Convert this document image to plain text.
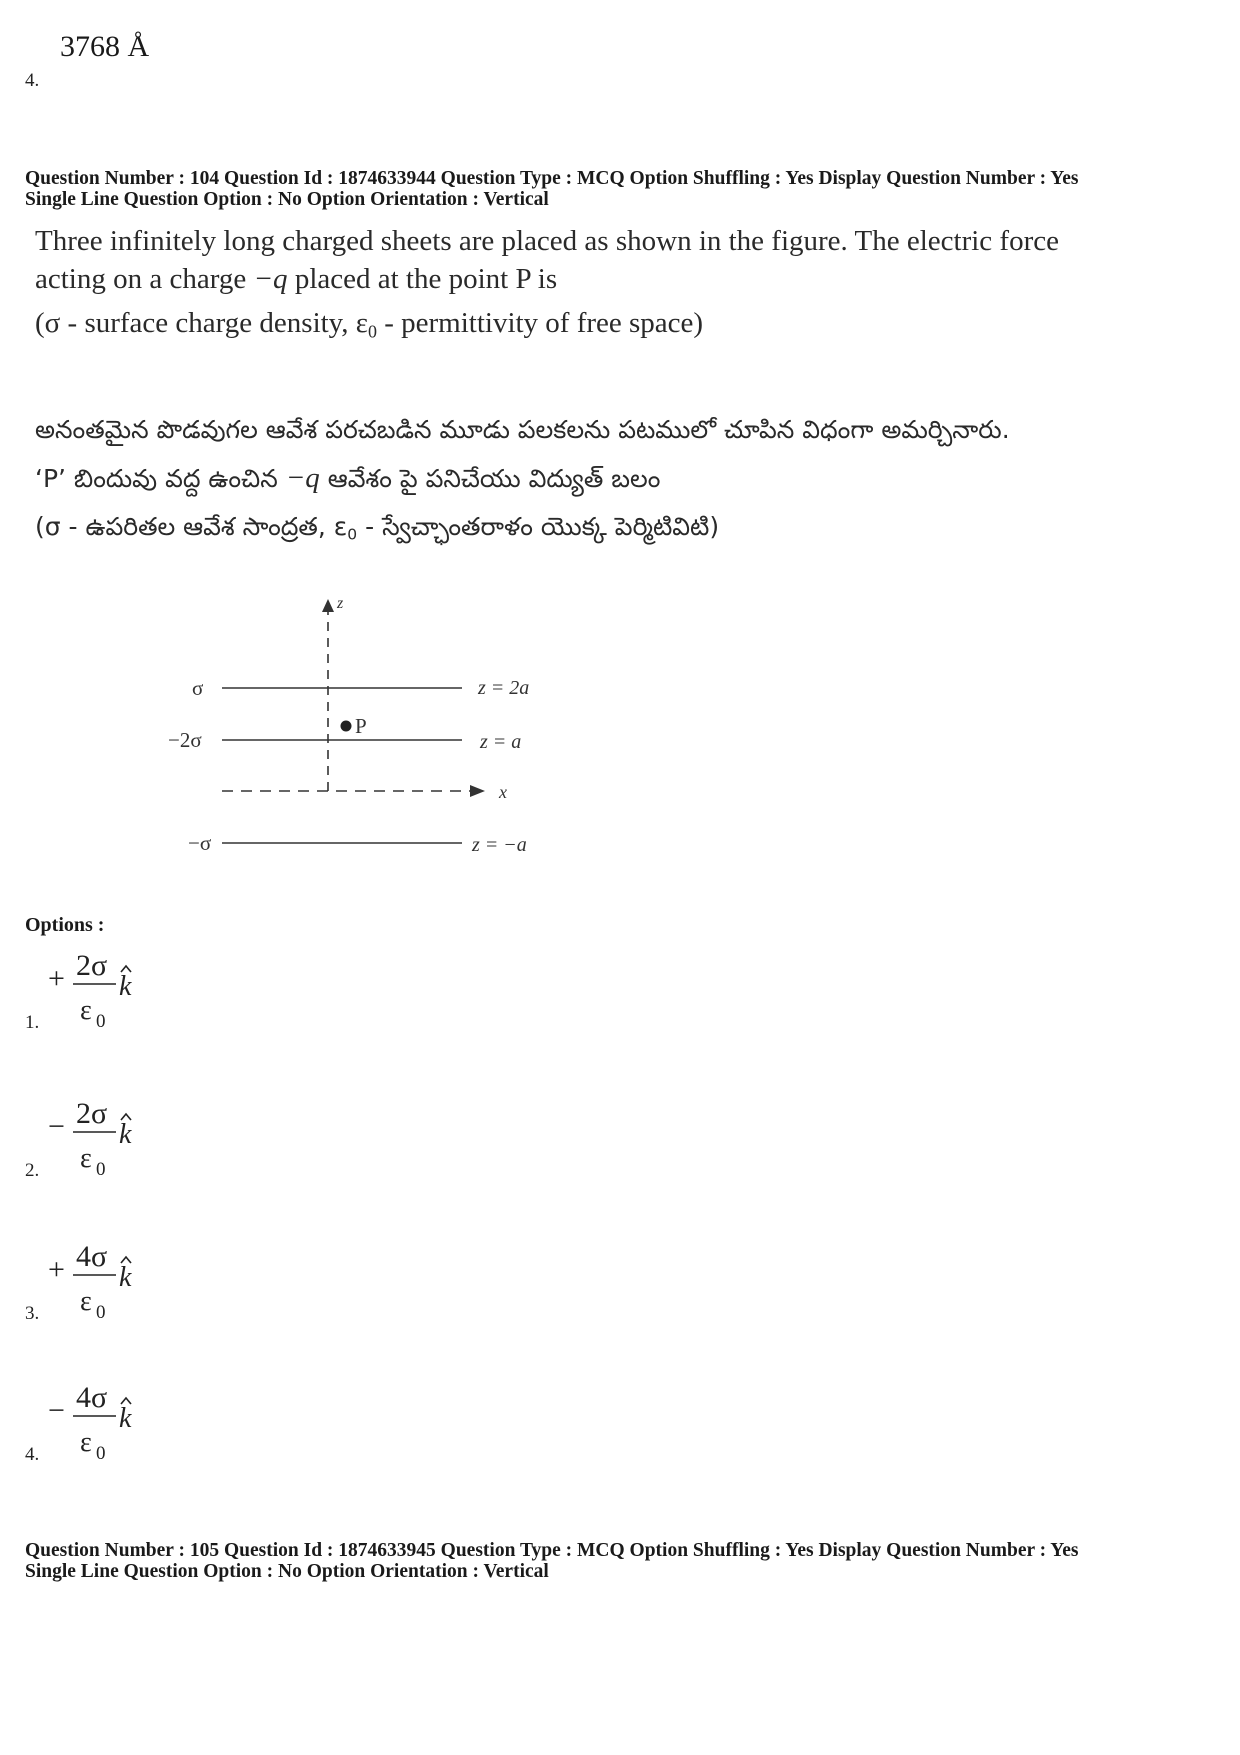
3768 Å
4.
Question Number : 104 Question Id : 1874633944 Question Type : MCQ Option Shuffling : Yes Display Question Number : Yes
Single Line Question Option : No Option Orientation : Vertical
Three infinitely long charged sheets are placed as shown in the figure. The electric force
acting on a charge −q placed at the point P is
(σ - surface charge density, ε0 - permittivity of free space)
అనంతమైన పొడవుగల ఆవేశ పరచబడిన మూడు పలకలను పటములో చూపిన విధంగా అమర్చినారు.
‘P’ బిందువు వద్ద ఉంచిన −q ఆవేశం పై పనిచేయు విద్యుత్ బలం
(σ - ఉపరితల ఆవేశ సాంద్రత, ε0 - స్వేచ్ఛాంతరాళం యొక్క పెర్మిటివిటి)
z
σ	z = 2a
P
−2σ	z = a
x
−σ	z = −a
Options :
+ 2σ
ε 0
k
1.
− 2σ
ε 0
k
2.
+ 4σ
ε 0
k
3.
− 4σ
ε 0
k
4.
Question Number : 105 Question Id : 1874633945 Question Type : MCQ Option Shuffling : Yes Display Question Number : Yes
Single Line Question Option : No Option Orientation : Vertical
